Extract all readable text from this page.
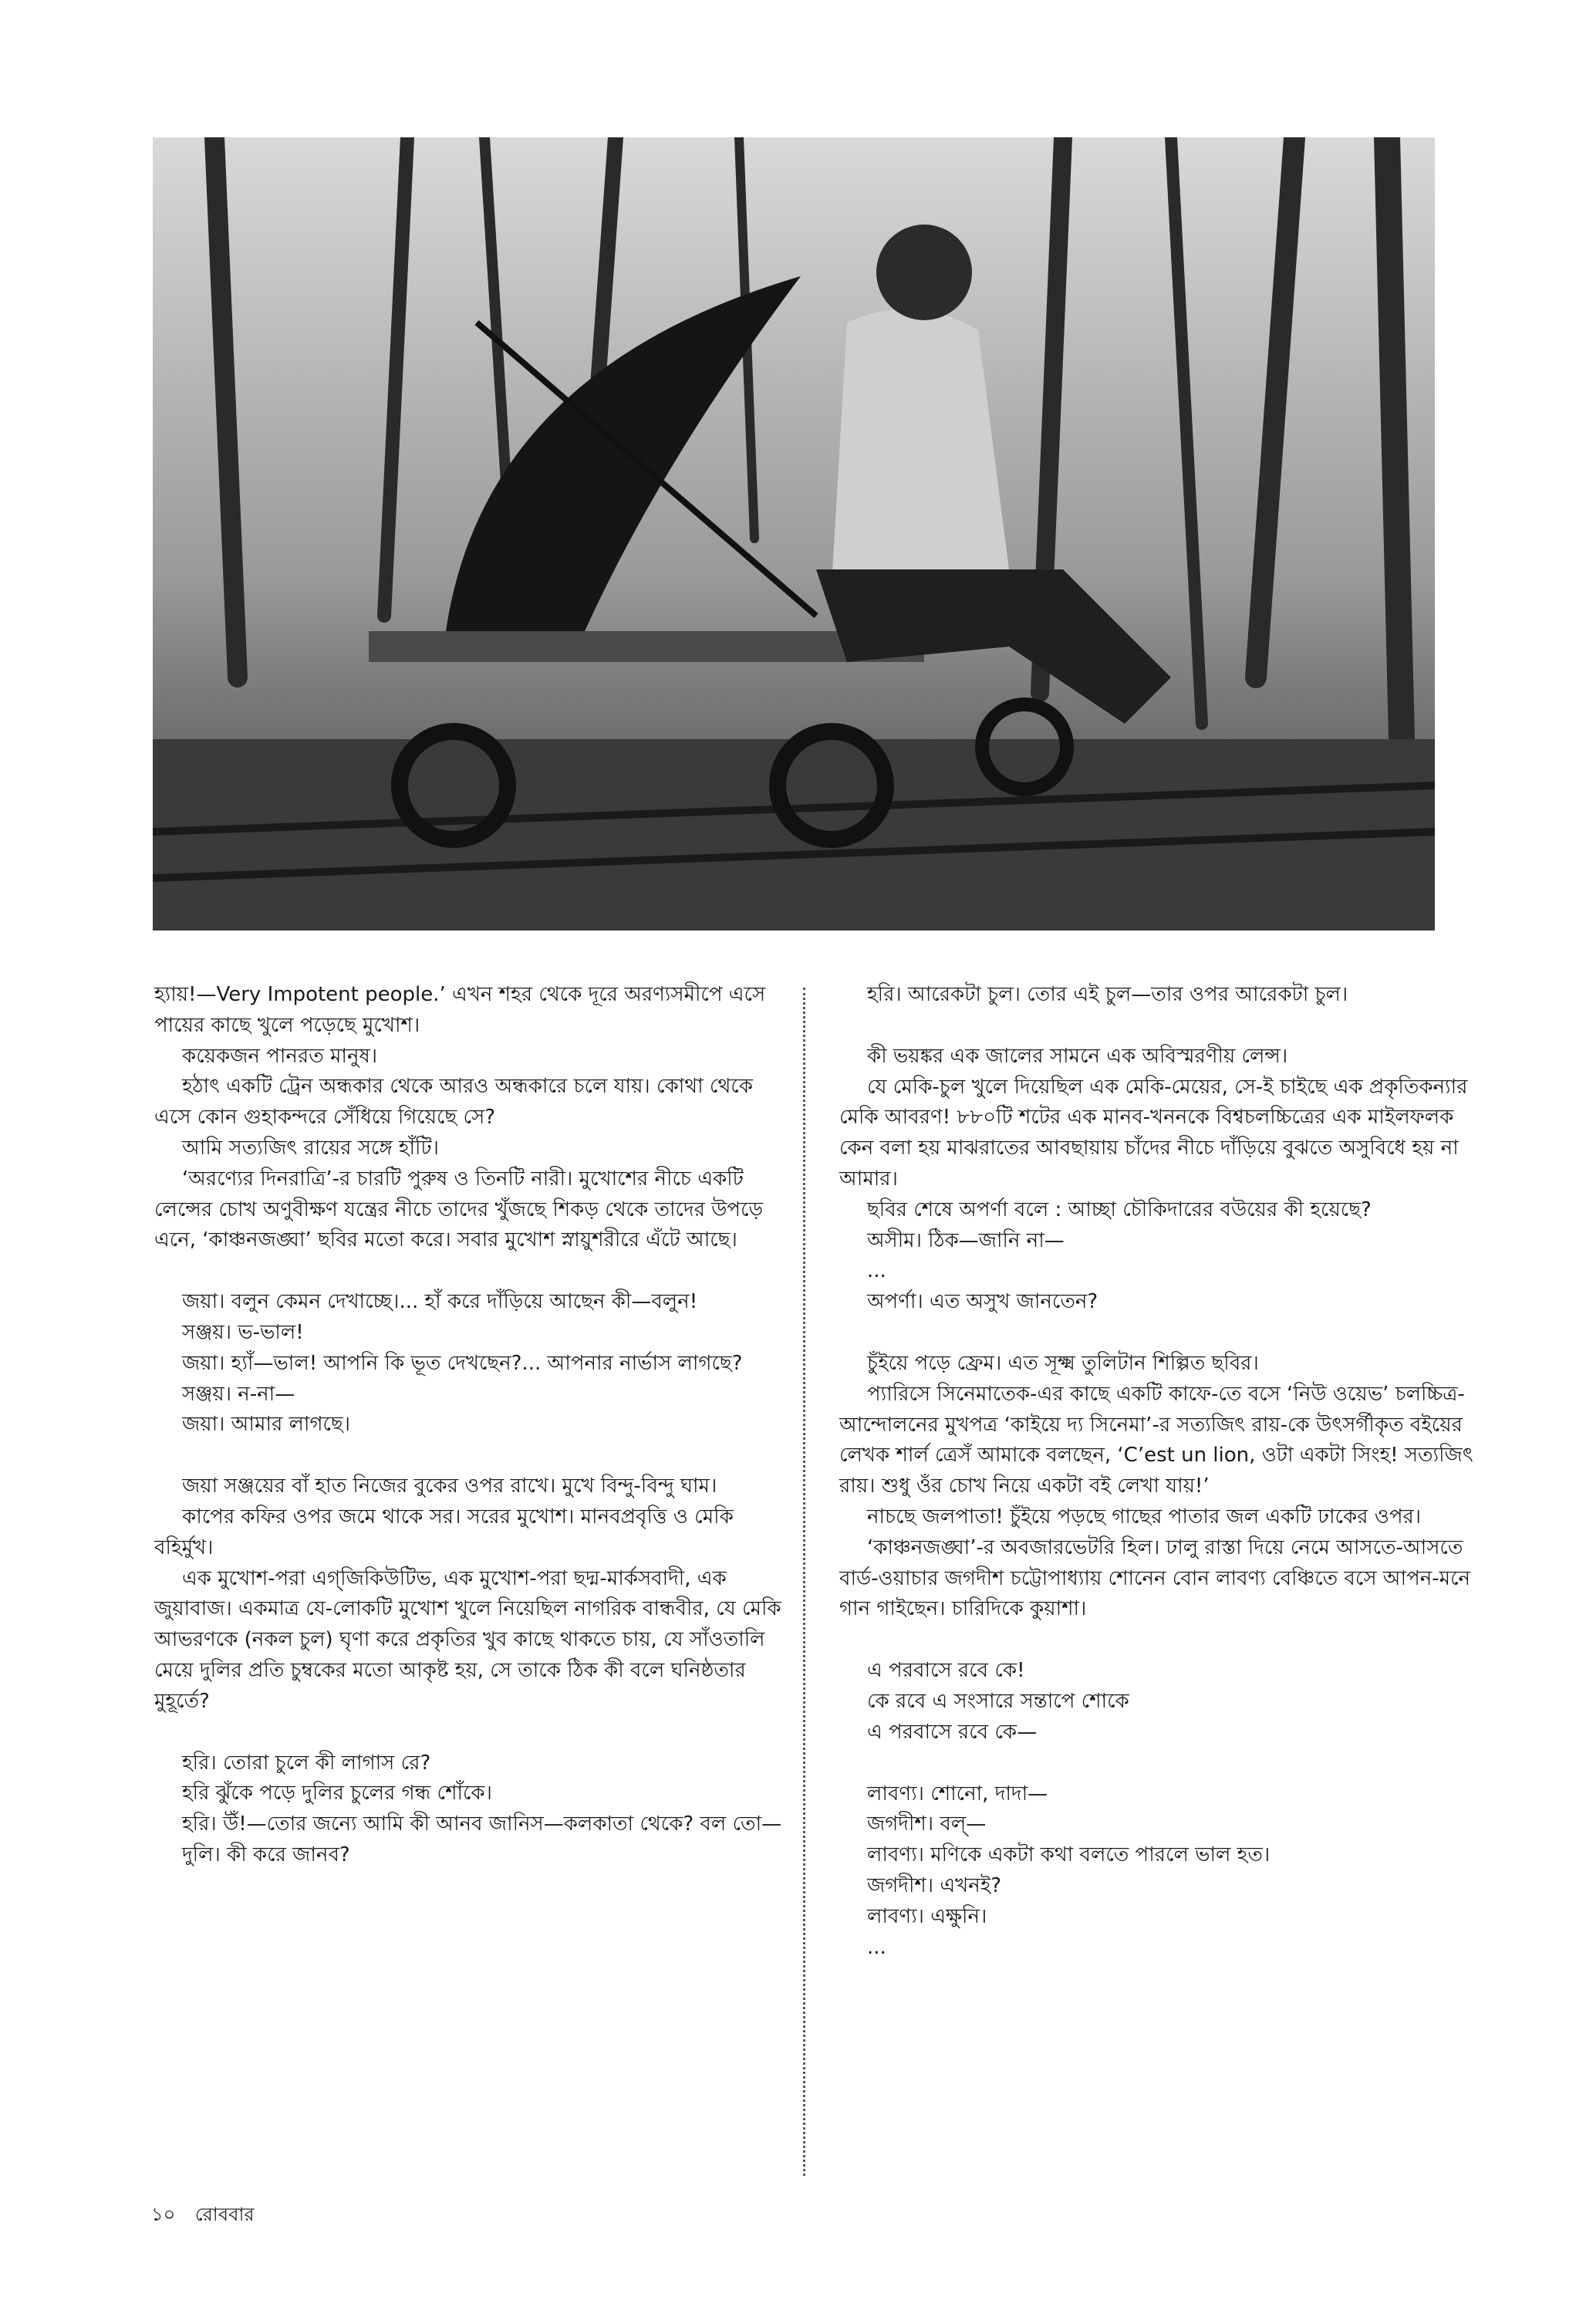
হ্যায়!—Very Impotent people.’ এখন শহর থেকে দূরে অরণ্যসমীপে এসে পায়ের কাছে খুলে পড়েছে মুখোশ।

কয়েকজন পানরত মানুষ।

হঠাৎ একটি ট্রেন অন্ধকার থেকে আরও অন্ধকারে চলে যায়। কোথা থেকে এসে কোন গুহাকন্দরে সেঁধিয়ে গিয়েছে সে?

আমি সত্যজিৎ রায়ের সঙ্গে হাঁটি।

‘অরণ্যের দিনরাত্রি’-র চারটি পুরুষ ও তিনটি নারী। মুখোশের নীচে একটি লেন্সের চোখ অণুবীক্ষণ যন্ত্রের নীচে তাদের খুঁজছে শিকড় থেকে তাদের উপড়ে এনে, ‘কাঞ্চনজঙ্ঘা’ ছবির মতো করে। সবার মুখোশ স্নায়ুশরীরে এঁটে আছে।

জয়া। বলুন কেমন দেখাচ্ছে।... হাঁ করে দাঁড়িয়ে আছেন কী—বলুন!

সঞ্জয়। ভ-ভাল!

জয়া। হ্যাঁ—ভাল! আপনি কি ভূত দেখছেন?... আপনার নার্ভাস লাগছে?

সঞ্জয়। ন-না—

জয়া। আমার লাগছে।

জয়া সঞ্জয়ের বাঁ হাত নিজের বুকের ওপর রাখে। মুখে বিন্দু-বিন্দু ঘাম।

কাপের কফির ওপর জমে থাকে সর। সরের মুখোশ। মানবপ্রবৃত্তি ও মেকি বহির্মুখ।

এক মুখোশ-পরা এগ্‌জিকিউটিভ, এক মুখোশ-পরা ছদ্ম-মার্কসবাদী, এক জুয়াবাজ। একমাত্র যে-লোকটি মুখোশ খুলে নিয়েছিল নাগরিক বান্ধবীর, যে মেকি আভরণকে (নকল চুল) ঘৃণা করে প্রকৃতির খুব কাছে থাকতে চায়, যে সাঁওতালি মেয়ে দুলির প্রতি চুম্বকের মতো আকৃষ্ট হয়, সে তাকে ঠিক কী বলে ঘনিষ্ঠতার মুহূর্তে?

হরি। তোরা চুলে কী লাগাস রে?

হরি ঝুঁকে পড়ে দুলির চুলের গন্ধ শোঁকে।

হরি। উঁ!—তোর জন্যে আমি কী আনব জানিস—কলকাতা থেকে? বল তো—

দুলি। কী করে জানব?

হরি। আরেকটা চুল। তোর এই চুল—তার ওপর আরেকটা চুল।

কী ভয়ঙ্কর এক জালের সামনে এক অবিস্মরণীয় লেন্স।

যে মেকি-চুল খুলে দিয়েছিল এক মেকি-মেয়ের, সে-ই চাইছে এক প্রকৃতিকন্যার মেকি আবরণ! ৮৮০টি শটের এক মানব-খননকে বিশ্বচলচ্চিত্রের এক মাইলফলক কেন বলা হয় মাঝরাতের আবছায়ায় চাঁদের নীচে দাঁড়িয়ে বুঝতে অসুবিধে হয় না আমার।

ছবির শেষে অপর্ণা বলে : আচ্ছা চৌকিদারের বউয়ের কী হয়েছে?

অসীম। ঠিক—জানি না—

...

অপর্ণা। এত অসুখ জানতেন?

চুঁইয়ে পড়ে ফ্রেম। এত সূক্ষ্ম তুলিটান শিল্পিত ছবির।

প্যারিসে সিনেমাতেক-এর কাছে একটি কাফে-তে বসে ‘নিউ ওয়েভ’ চলচ্চিত্র-আন্দোলনের মুখপত্র ‘কাইয়ে দ্য সিনেমা’-র সত্যজিৎ রায়-কে উৎসর্গীকৃত বইয়ের লেখক শার্ল ত্রেসঁ আমাকে বলছেন, ‘C’est un lion, ওটা একটা সিংহ! সত্যজিৎ রায়। শুধু ওঁর চোখ নিয়ে একটা বই লেখা যায়!’

নাচছে জলপাতা! চুঁইয়ে পড়ছে গাছের পাতার জল একটি ঢাকের ওপর।

‘কাঞ্চনজঙ্ঘা’-র অবজারভেটরি হিল। ঢালু রাস্তা দিয়ে নেমে আসতে-আসতে বার্ড-ওয়াচার জগদীশ চট্টোপাধ্যায় শোনেন বোন লাবণ্য বেঞ্চিতে বসে আপন-মনে গান গাইছেন। চারিদিকে কুয়াশা।

এ পরবাসে রবে কে!

কে রবে এ সংসারে সন্তাপে শোকে

এ পরবাসে রবে কে—

লাবণ্য। শোনো, দাদা—

জগদীশ। বল্—

লাবণ্য। মণিকে একটা কথা বলতে পারলে ভাল হত।

জগদীশ। এখনই?

লাবণ্য। এক্ষুনি।

...

১০ রোববার
